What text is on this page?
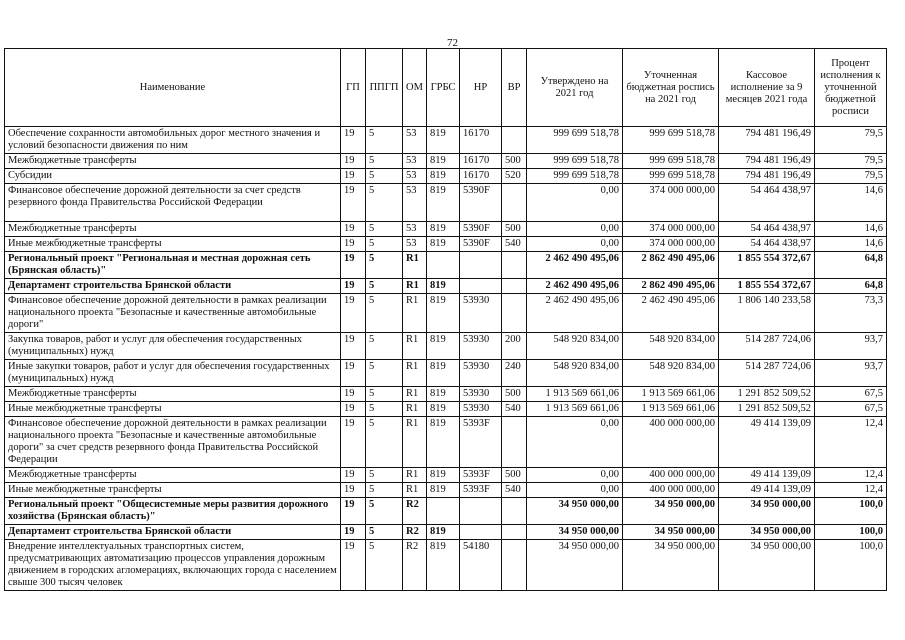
72
Наименование	ГП	ППГП	ОМ	ГРБС	НР	ВР	Утверждено на 2021 год	Уточненная бюджетная роспись на 2021 год	Кассовое исполнение за 9 месяцев 2021 года	Процент исполнения к уточненной бюджетной росписи
Обеспечение сохранности автомобильных дорог местного значения и условий безопасности движения по ним	19	5	53	819	16170		999 699 518,78	999 699 518,78	794 481 196,49	79,5
Межбюджетные трансферты	19	5	53	819	16170	500	999 699 518,78	999 699 518,78	794 481 196,49	79,5
Субсидии	19	5	53	819	16170	520	999 699 518,78	999 699 518,78	794 481 196,49	79,5
Финансовое обеспечение дорожной деятельности за счет средств резервного фонда Правительства Российской Федерации	19	5	53	819	5390F		0,00	374 000 000,00	54 464 438,97	14,6
Межбюджетные трансферты	19	5	53	819	5390F	500	0,00	374 000 000,00	54 464 438,97	14,6
Иные межбюджетные трансферты	19	5	53	819	5390F	540	0,00	374 000 000,00	54 464 438,97	14,6
Региональный проект "Региональная и местная дорожная сеть (Брянская область)"	19	5	R1				2 462 490 495,06	2 862 490 495,06	1 855 554 372,67	64,8
Департамент строительства Брянской области	19	5	R1	819			2 462 490 495,06	2 862 490 495,06	1 855 554 372,67	64,8
Финансовое обеспечение дорожной деятельности в рамках реализации национального проекта "Безопасные и качественные автомобильные дороги"	19	5	R1	819	53930		2 462 490 495,06	2 462 490 495,06	1 806 140 233,58	73,3
Закупка товаров, работ и услуг для обеспечения государственных (муниципальных) нужд	19	5	R1	819	53930	200	548 920 834,00	548 920 834,00	514 287 724,06	93,7
Иные закупки товаров, работ и услуг для обеспечения государственных (муниципальных) нужд	19	5	R1	819	53930	240	548 920 834,00	548 920 834,00	514 287 724,06	93,7
Межбюджетные трансферты	19	5	R1	819	53930	500	1 913 569 661,06	1 913 569 661,06	1 291 852 509,52	67,5
Иные межбюджетные трансферты	19	5	R1	819	53930	540	1 913 569 661,06	1 913 569 661,06	1 291 852 509,52	67,5
Финансовое обеспечение дорожной деятельности в рамках реализации национального проекта "Безопасные и качественные автомобильные дороги" за счет средств резервного фонда Правительства Российской Федерации	19	5	R1	819	5393F		0,00	400 000 000,00	49 414 139,09	12,4
Межбюджетные трансферты	19	5	R1	819	5393F	500	0,00	400 000 000,00	49 414 139,09	12,4
Иные межбюджетные трансферты	19	5	R1	819	5393F	540	0,00	400 000 000,00	49 414 139,09	12,4
Региональный проект "Общесистемные меры развития дорожного хозяйства (Брянская область)"	19	5	R2				34 950 000,00	34 950 000,00	34 950 000,00	100,0
Департамент строительства Брянской области	19	5	R2	819			34 950 000,00	34 950 000,00	34 950 000,00	100,0
Внедрение интеллектуальных транспортных систем, предусматривающих автоматизацию процессов управления дорожным движением в городских агломерациях, включающих города с населением свыше 300 тысяч человек	19	5	R2	819	54180		34 950 000,00	34 950 000,00	34 950 000,00	100,0
